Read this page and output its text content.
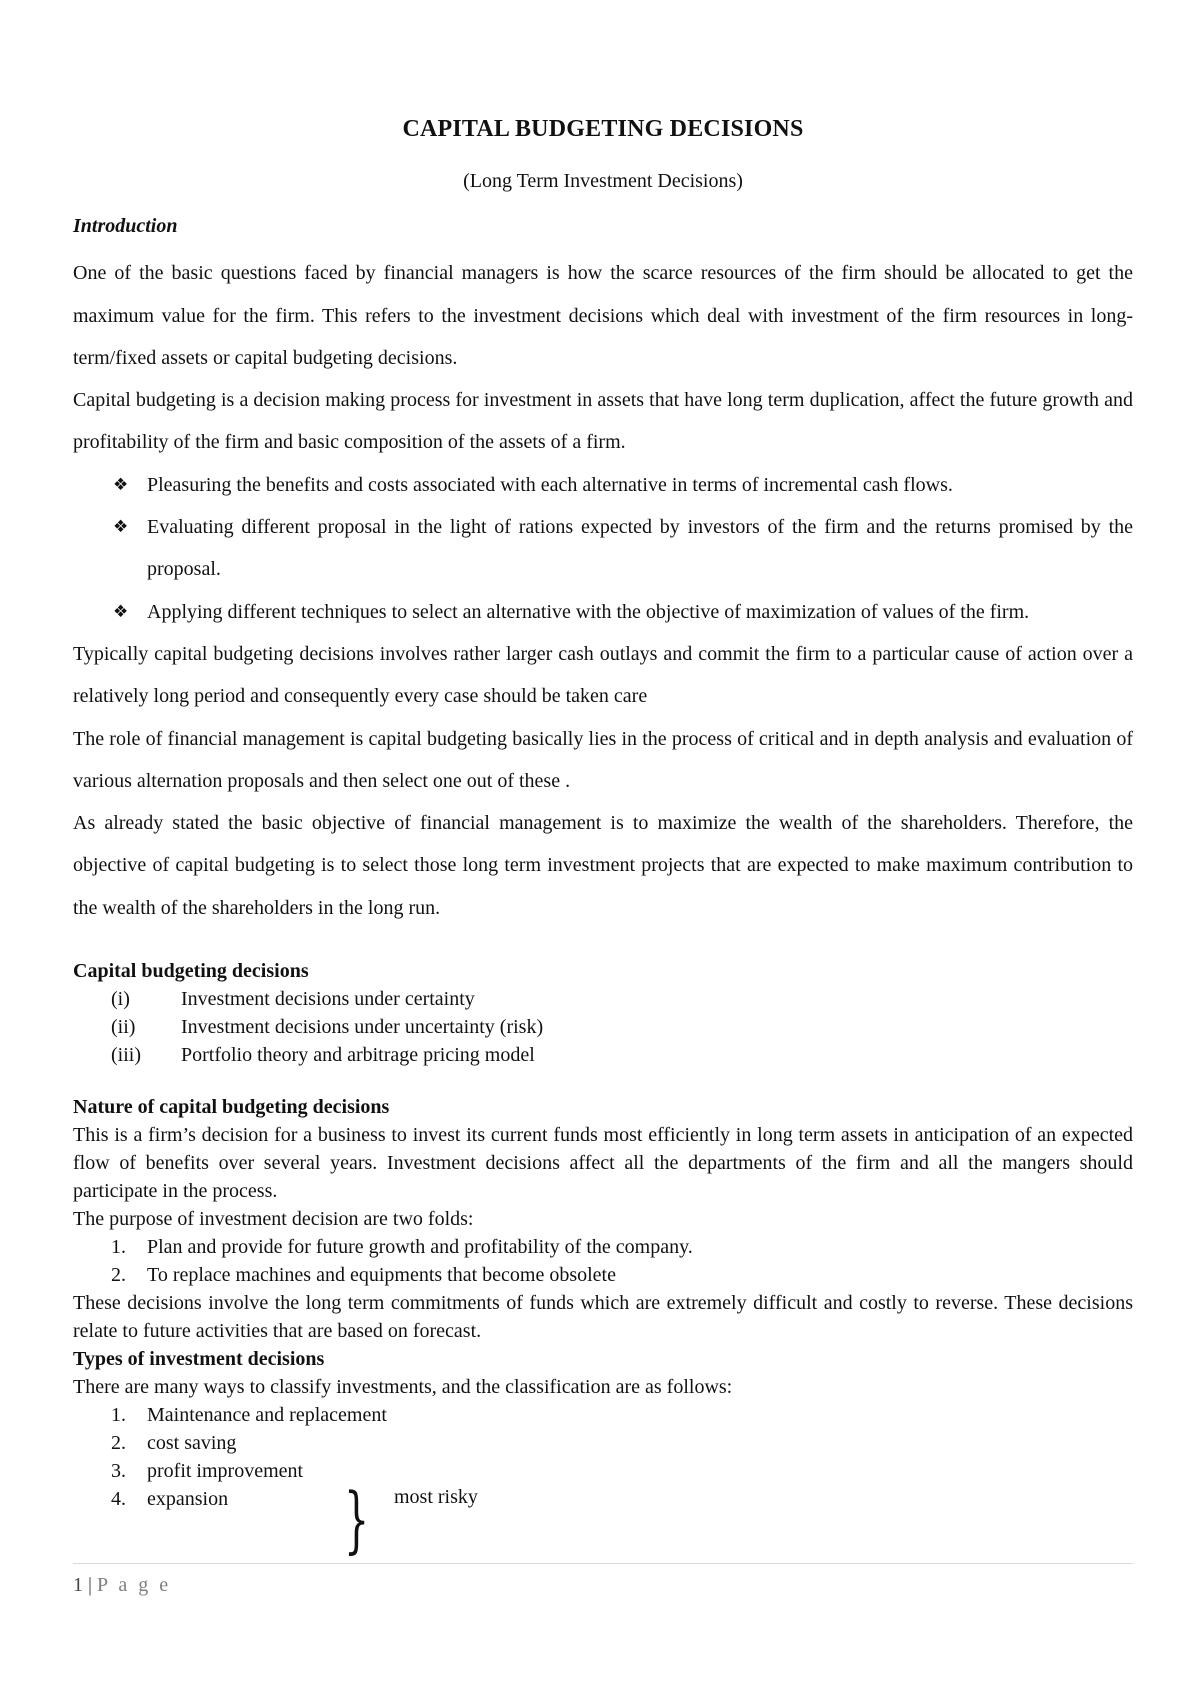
CAPITAL BUDGETING DECISIONS
(Long Term Investment Decisions)
Introduction

One of the basic questions faced by financial managers is how the scarce resources of the firm should be allocated to get the maximum value for the firm. This refers to the investment decisions which deal with investment of the firm resources in long-term/fixed assets or capital budgeting decisions.

Capital budgeting is a decision making process for investment in assets that have long term duplication, affect the future growth and profitability of the firm and basic composition of the assets of a firm.

❖ Pleasuring the benefits and costs associated with each alternative in terms of incremental cash flows.
❖ Evaluating different proposal in the light of rations expected by investors of the firm and the returns promised by the proposal.
❖ Applying different techniques to select an alternative with the objective of maximization of values of the firm.

Typically capital budgeting decisions involves rather larger cash outlays and commit the firm to a particular cause of action over a relatively long period and consequently every case should be taken care

The role of financial management is capital budgeting basically lies in the process of critical and in depth analysis and evaluation of various alternation proposals and then select one out of these .

As already stated the basic objective of financial management is to maximize the wealth of the shareholders. Therefore, the objective of capital budgeting is to select those long term investment projects that are expected to make maximum contribution to the wealth of the shareholders in the long run.

Capital budgeting decisions

(i)	Investment decisions under certainty
(ii)	Investment decisions under uncertainty (risk)
(iii)	Portfolio theory and arbitrage pricing model

Nature of capital budgeting decisions

This is a firm’s decision for a business to invest its current funds most efficiently in long term assets in anticipation of an expected flow of benefits over several years. Investment decisions affect all the departments of the firm and all the mangers should participate in the process.

The purpose of investment decision are two folds:

1.	Plan and provide for future growth and profitability of the company.
2.	To replace machines and equipments that become obsolete

These decisions involve the long term commitments of funds which are extremely difficult and costly to reverse. These decisions relate to future activities that are based on forecast.

Types of investment decisions

There are many ways to classify investments, and the classification are as follows:

1.	Maintenance and replacement
2.	cost saving
3.	profit improvement
4.	expansion } most risky
1 | P a g e
